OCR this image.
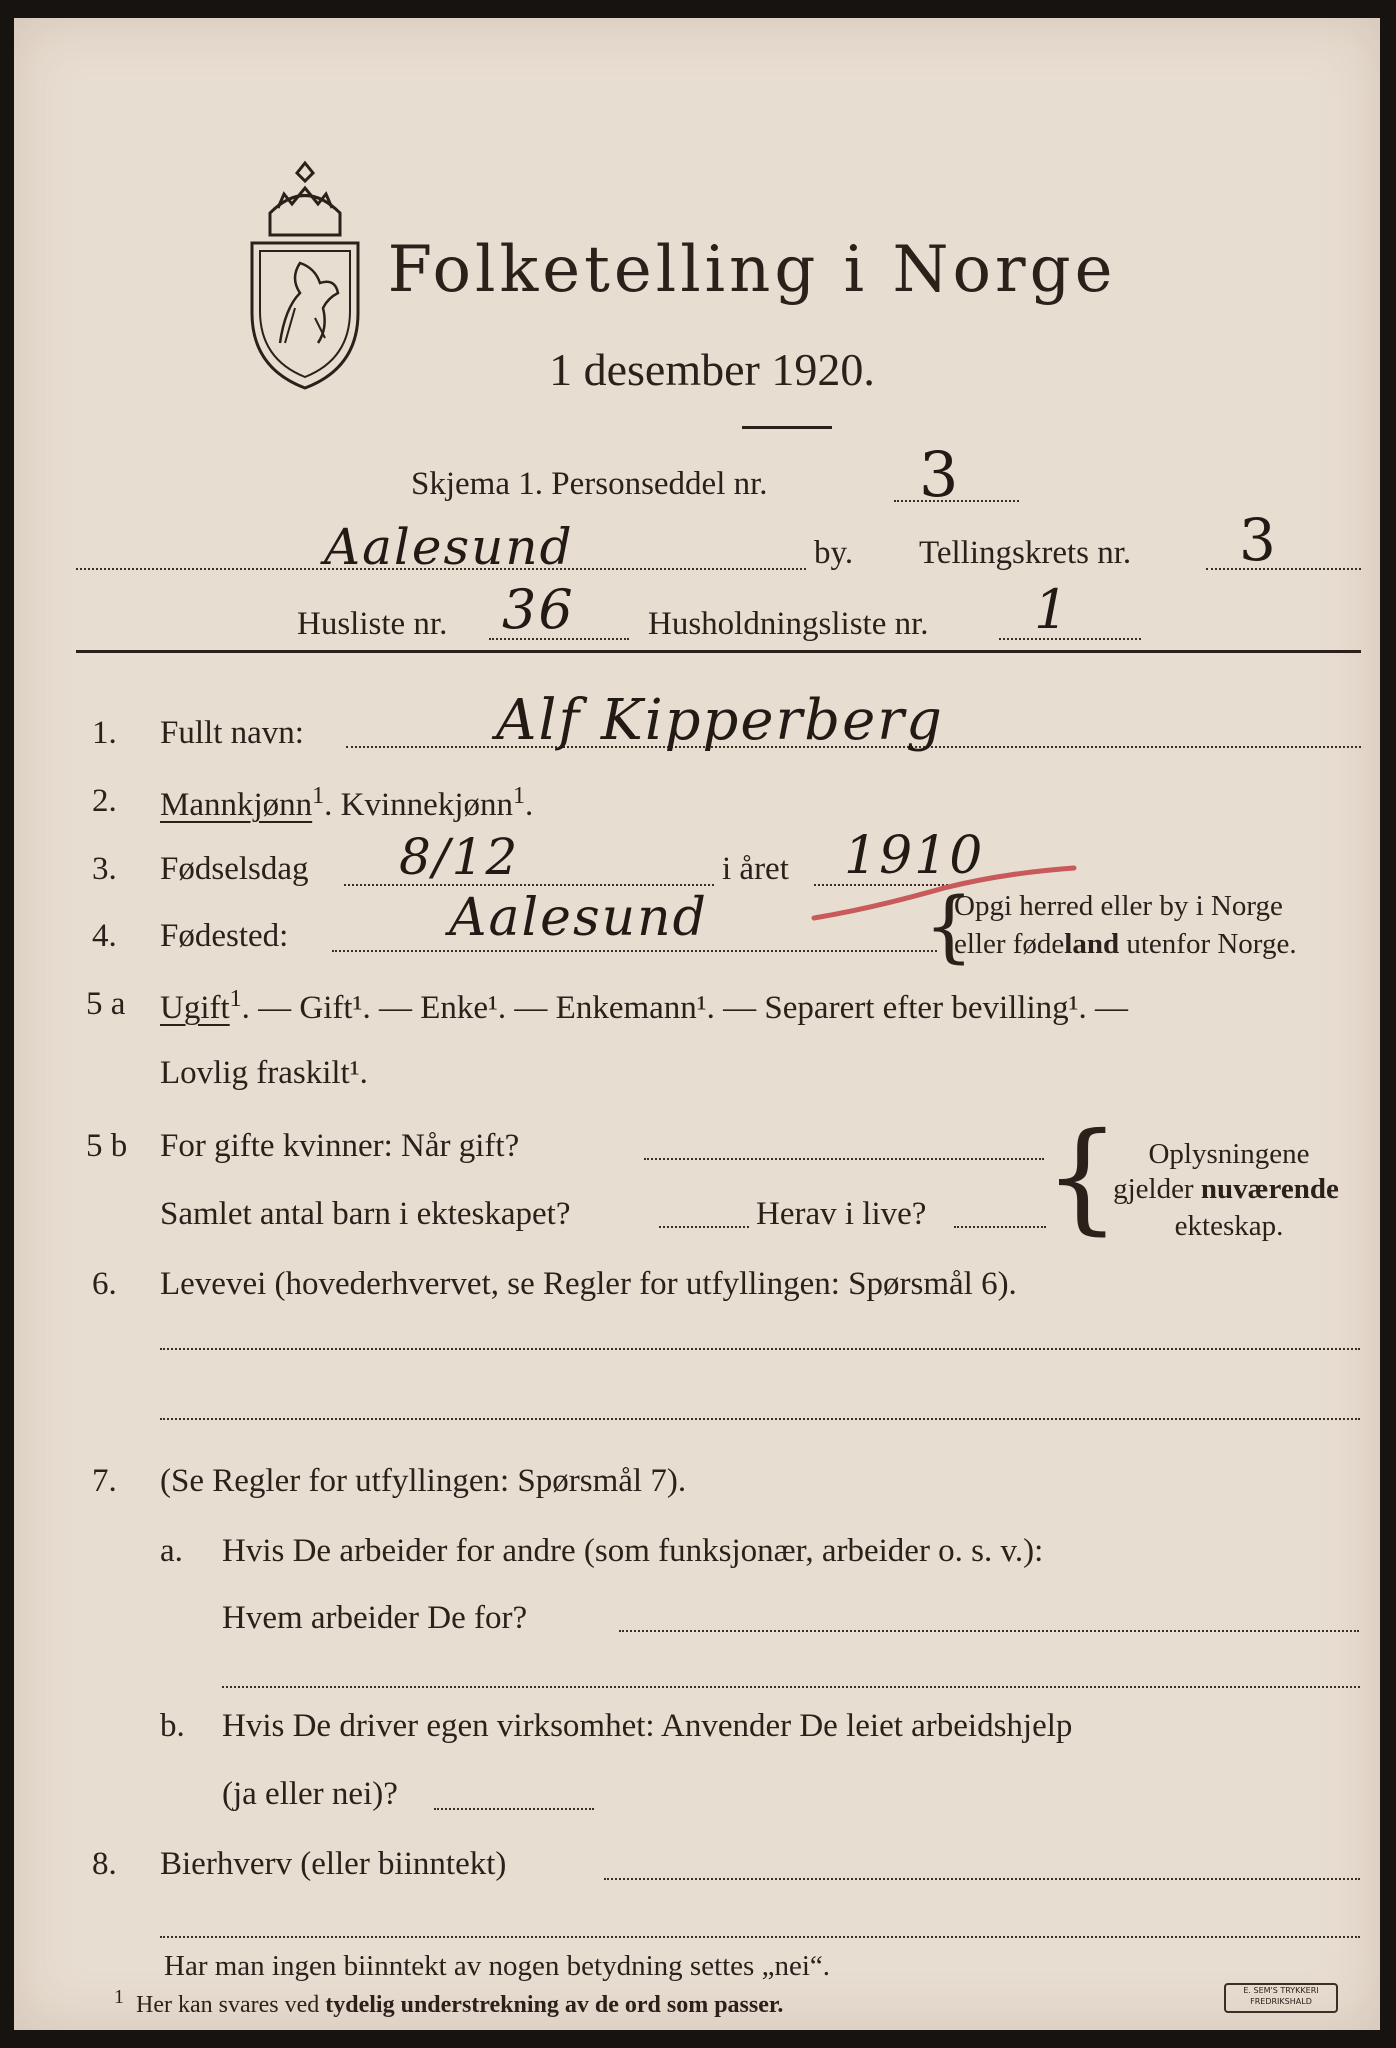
Folketelling i Norge
1 desember 1920.
Skjema 1. Personseddel nr. 3
Aalesund	by. Tellingskrets nr. 3
Husliste nr. 36 Husholdningsliste nr. 1
1. Fullt navn:	Alf Kipperberg
2. Mannkjønn$^1$. Kvinnekjønn$^1$.
3. Fødselsdag 8/12	i året 1910
4. Fødested:	Aalesund	{
Opgi herred eller by i Norge
eller fødeland utenfor Norge.
5 a Ugift$^1$. — Gift¹. — Enke¹. — Enkemann¹. — Separert efter bevilling¹. —
Lovlig fraskilt¹.
5 b For gifte kvinner: Når gift?
Samlet antal barn i ekteskapet?	Herav i live? { Oplysningene
gjelder nuværende
ekteskap.
6. Levevei (hovederhvervet, se Regler for utfyllingen: Spørsmål 6).
7. (Se Regler for utfyllingen: Spørsmål 7).
a. Hvis De arbeider for andre (som funksjonær, arbeider o. s. v.):
Hvem arbeider De for?
b. Hvis De driver egen virksomhet: Anvender De leiet arbeidshjelp
(ja eller nei)?
8. Bierhverv (eller biinntekt)
Har man ingen biinntekt av nogen betydning settes „nei“.
$^1$ Her kan svares ved tydelig understrekning av de ord som passer.
E. SEM'S TRYKKERI FREDRIKSHALD
